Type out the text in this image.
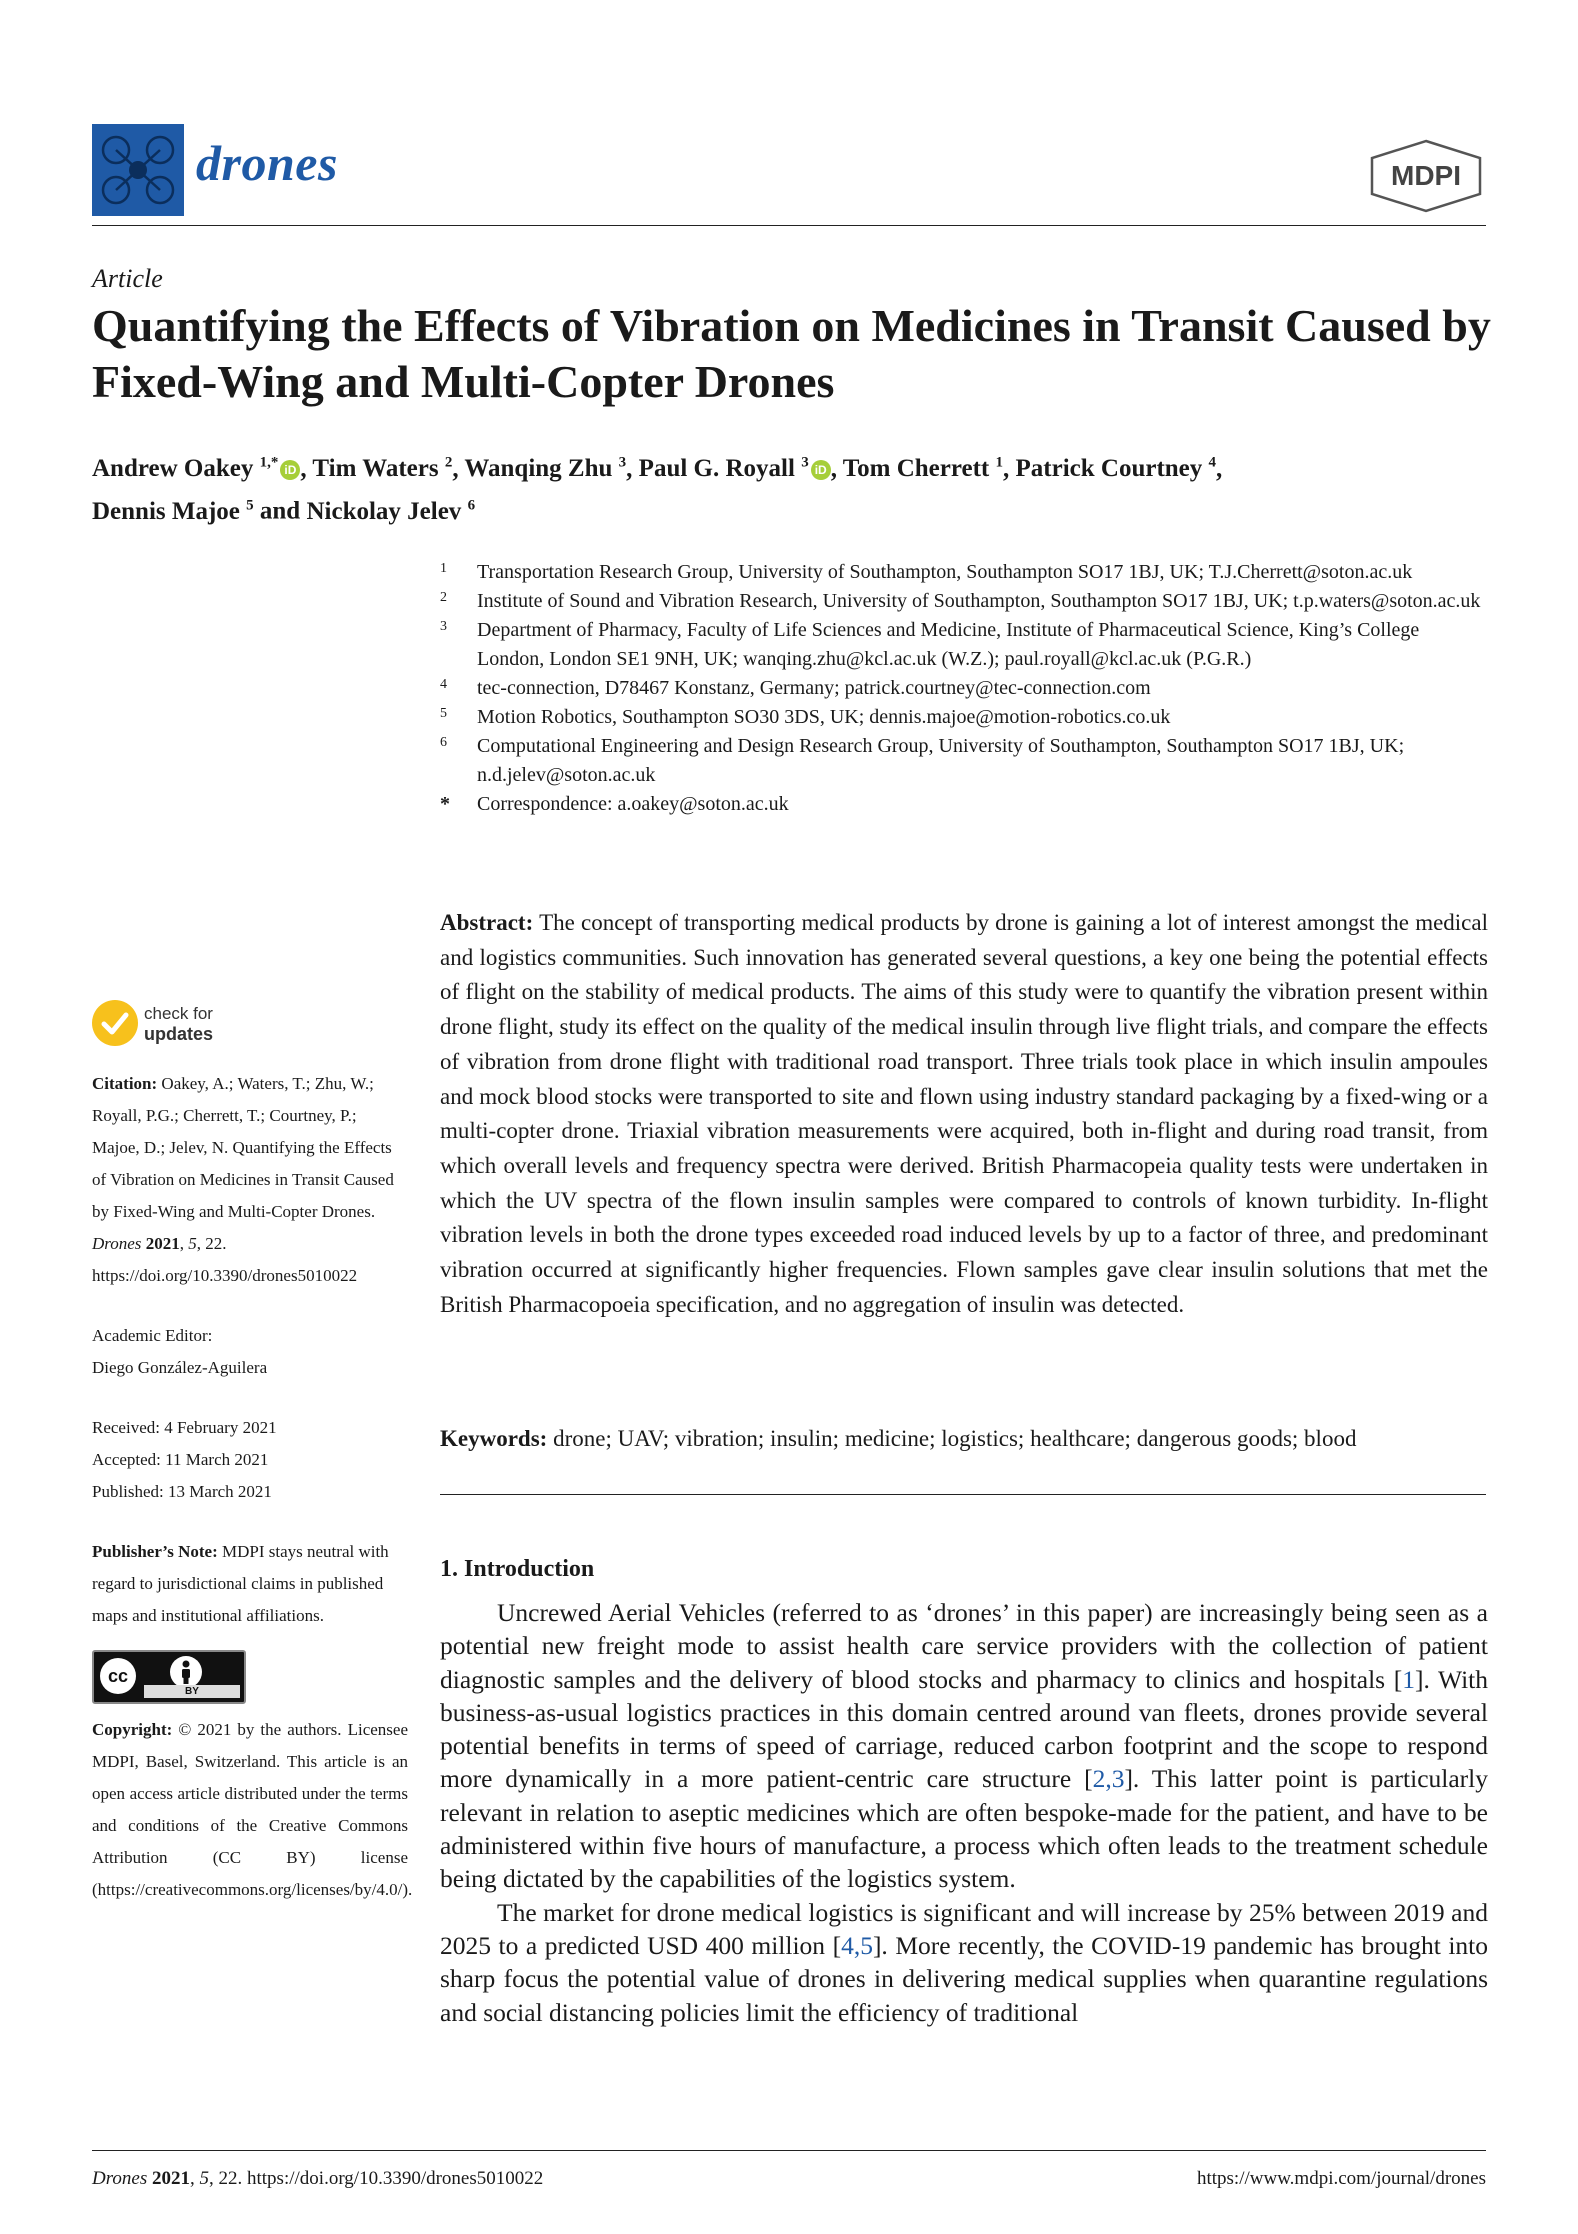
drones	MDPI
Article
Quantifying the Effects of Vibration on Medicines in Transit Caused by Fixed-Wing and Multi-Copter Drones
Andrew Oakey $^{1,*}$ iD , Tim Waters $^2$, Wanqing Zhu $^3$, Paul G. Royall $^3$ iD , Tom Cherrett $^1$, Patrick Courtney $^4$,
Dennis Majoe $^5$ and Nickolay Jelev $^6$
1 Transportation Research Group, University of Southampton, Southampton SO17 1BJ, UK; T.J.Cherrett@soton.ac.uk
2 Institute of Sound and Vibration Research, University of Southampton, Southampton SO17 1BJ, UK; t.p.waters@soton.ac.uk
3 Department of Pharmacy, Faculty of Life Sciences and Medicine, Institute of Pharmaceutical Science, King’s College London, London SE1 9NH, UK; wanqing.zhu@kcl.ac.uk (W.Z.); paul.royall@kcl.ac.uk (P.G.R.)
4 tec-connection, D78467 Konstanz, Germany; patrick.courtney@tec-connection.com
5 Motion Robotics, Southampton SO30 3DS, UK; dennis.majoe@motion-robotics.co.uk
6 Computational Engineering and Design Research Group, University of Southampton, Southampton SO17 1BJ, UK; n.d.jelev@soton.ac.uk
* Correspondence: a.oakey@soton.ac.uk
check for
updates

Citation: Oakey, A.; Waters, T.; Zhu, W.; Royall, P.G.; Cherrett, T.; Courtney, P.; Majoe, D.; Jelev, N. Quantifying the Effects of Vibration on Medicines in Transit Caused by Fixed-Wing and Multi-Copter Drones. Drones 2021, 5, 22. https://doi.org/10.3390/drones5010022

Academic Editor:

Diego González-Aguilera

Received: 4 February 2021

Accepted: 11 March 2021

Published: 13 March 2021

Publisher’s Note: MDPI stays neutral with regard to jurisdictional claims in published maps and institutional affiliations.

cc
BY

Copyright: © 2021 by the authors. Licensee MDPI, Basel, Switzerland. This article is an open access article distributed under the terms and conditions of the Creative Commons Attribution (CC BY) license (https://creativecommons.org/licenses/by/4.0/).

Abstract: The concept of transporting medical products by drone is gaining a lot of interest amongst the medical and logistics communities. Such innovation has generated several questions, a key one being the potential effects of flight on the stability of medical products. The aims of this study were to quantify the vibration present within drone flight, study its effect on the quality of the medical insulin through live flight trials, and compare the effects of vibration from drone flight with traditional road transport. Three trials took place in which insulin ampoules and mock blood stocks were transported to site and flown using industry standard packaging by a fixed-wing or a multi-copter drone. Triaxial vibration measurements were acquired, both in-flight and during road transit, from which overall levels and frequency spectra were derived. British Pharmacopeia quality tests were undertaken in which the UV spectra of the flown insulin samples were compared to controls of known turbidity. In-flight vibration levels in both the drone types exceeded road induced levels by up to a factor of three, and predominant vibration occurred at significantly higher frequencies. Flown samples gave clear insulin solutions that met the British Pharmacopoeia specification, and no aggregation of insulin was detected.

Keywords: drone; UAV; vibration; insulin; medicine; logistics; healthcare; dangerous goods; blood

1. Introduction

Uncrewed Aerial Vehicles (referred to as ‘drones’ in this paper) are increasingly being seen as a potential new freight mode to assist health care service providers with the collection of patient diagnostic samples and the delivery of blood stocks and pharmacy to clinics and hospitals [1]. With business-as-usual logistics practices in this domain centred around van fleets, drones provide several potential benefits in terms of speed of carriage, reduced carbon footprint and the scope to respond more dynamically in a more patient-centric care structure [2,3]. This latter point is particularly relevant in relation to aseptic medicines which are often bespoke-made for the patient, and have to be administered within five hours of manufacture, a process which often leads to the treatment schedule being dictated by the capabilities of the logistics system.

The market for drone medical logistics is significant and will increase by 25% between 2019 and 2025 to a predicted USD 400 million [4,5]. More recently, the COVID-19 pandemic has brought into sharp focus the potential value of drones in delivering medical supplies when quarantine regulations and social distancing policies limit the efficiency of traditional

Drones 2021, 5, 22. https://doi.org/10.3390/drones5010022	https://www.mdpi.com/journal/drones
